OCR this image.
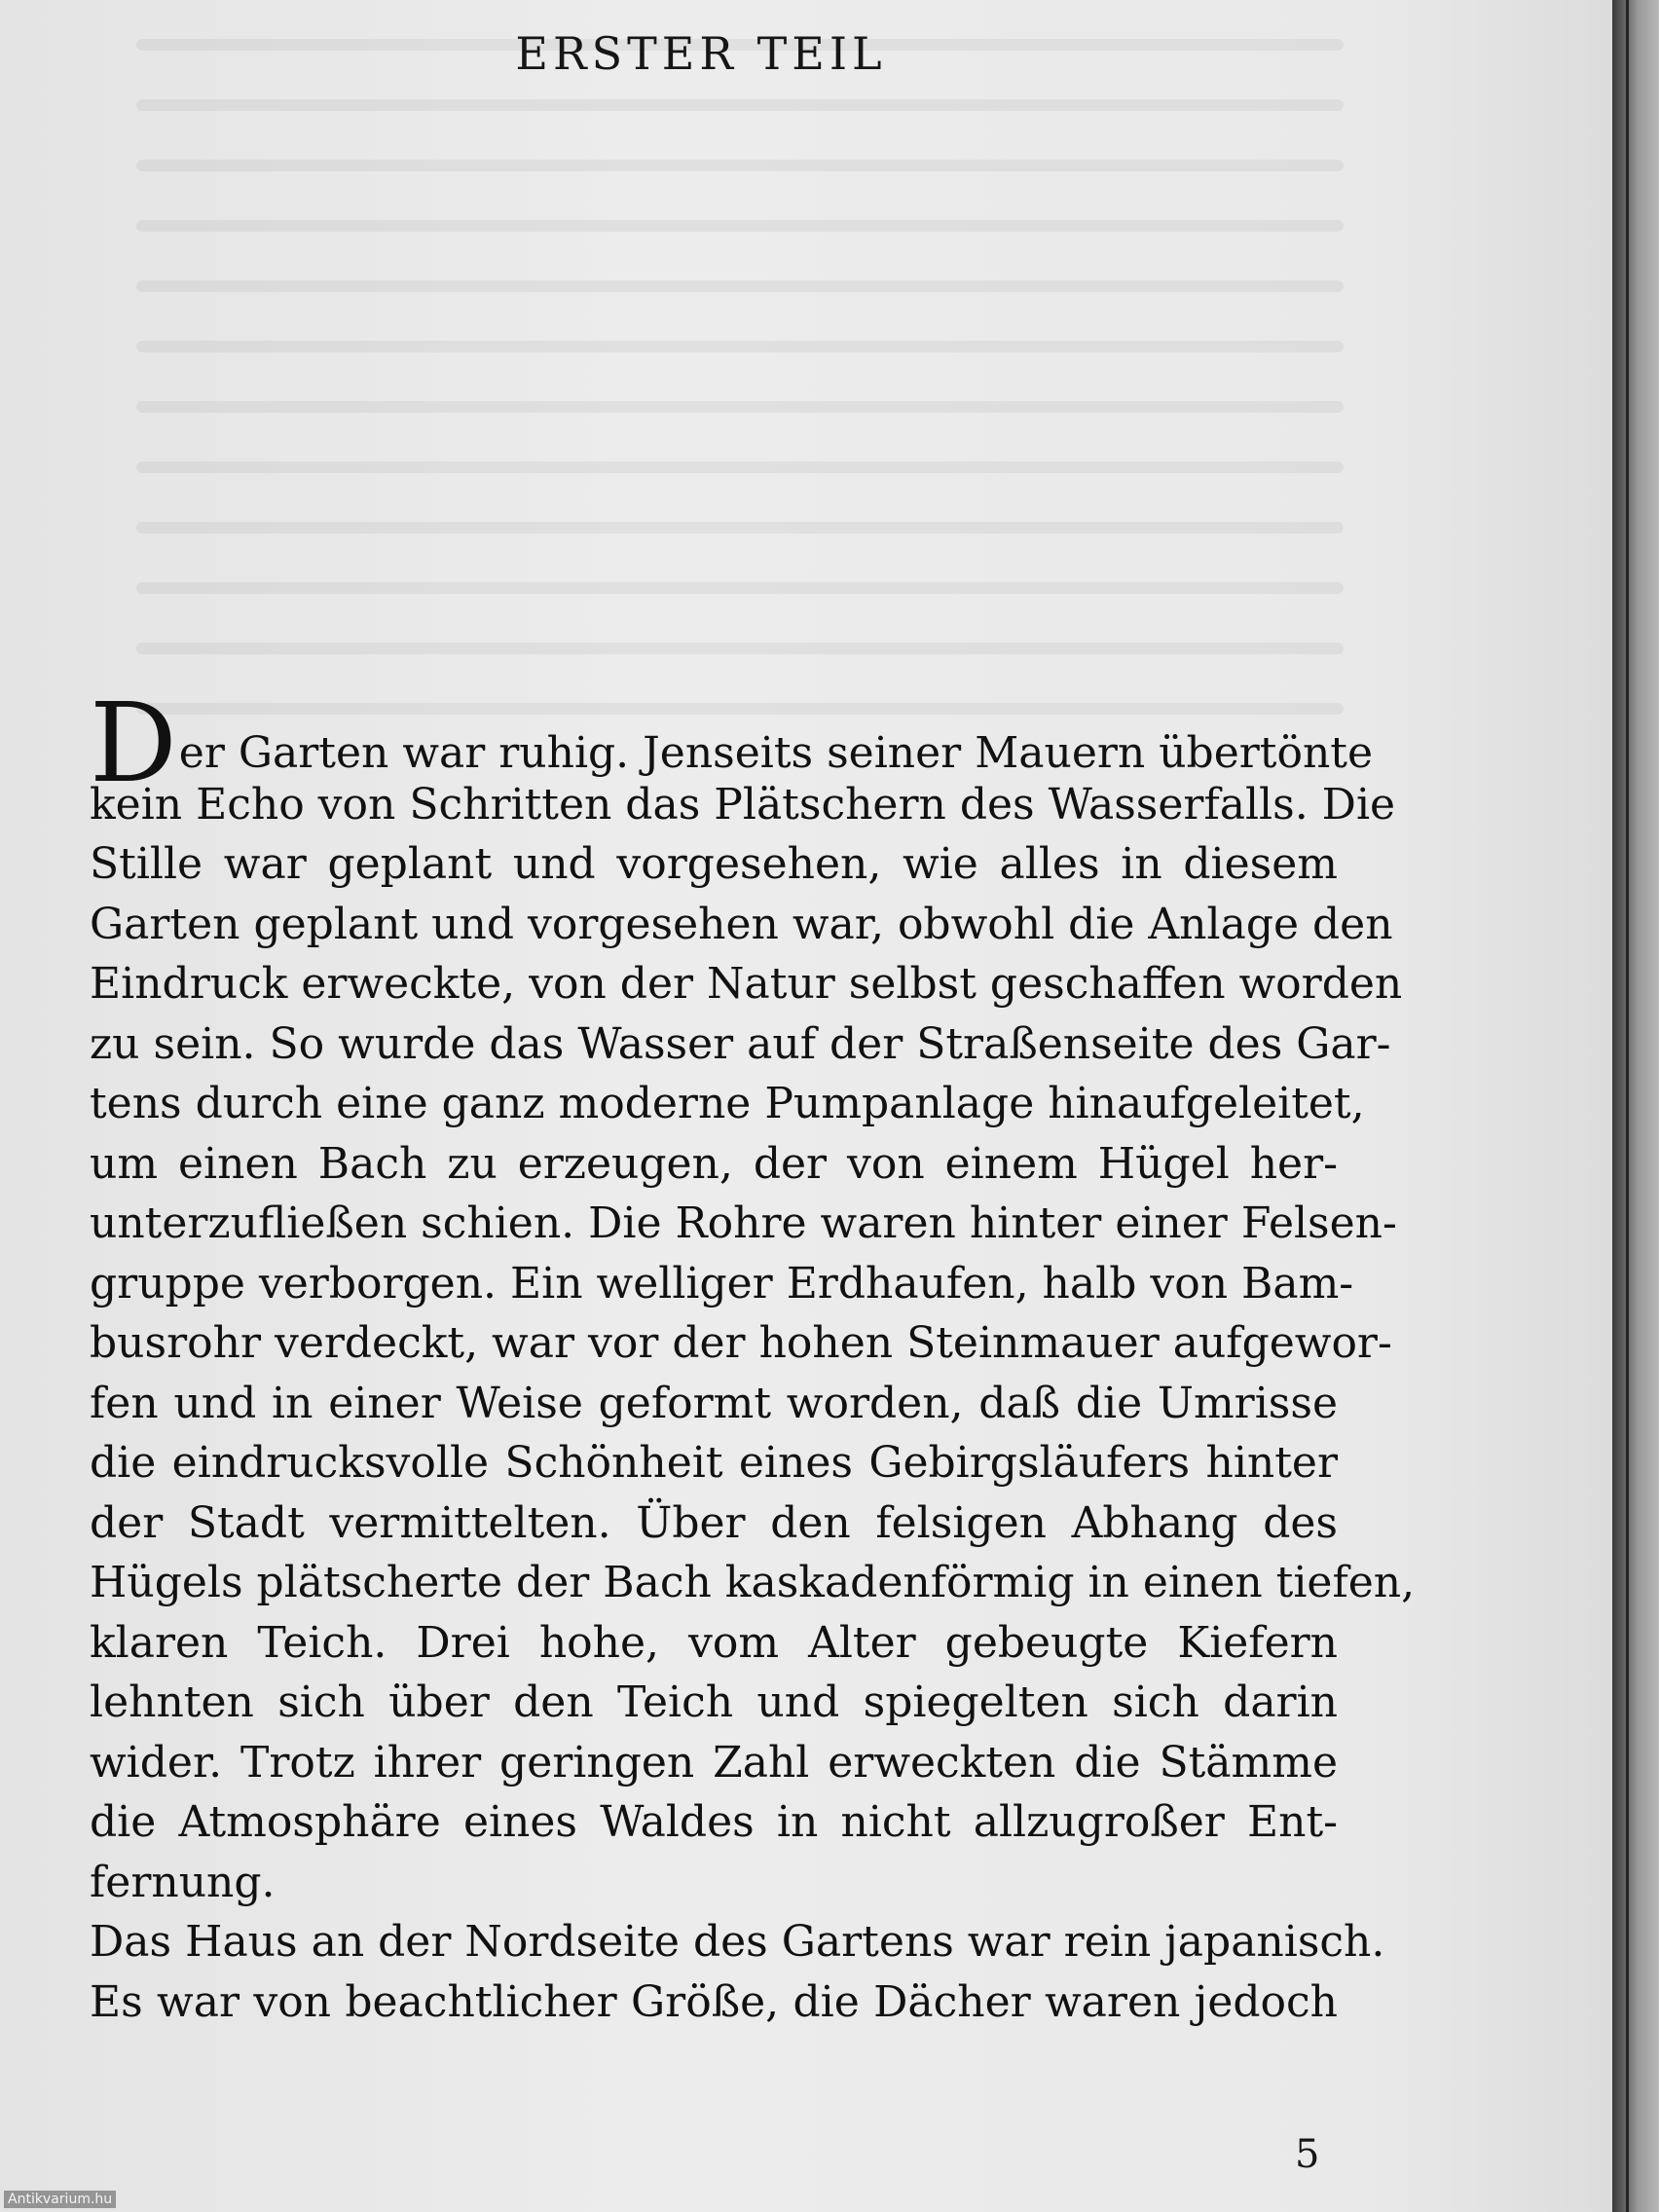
ERSTER TEIL
Der Garten war ruhig. Jenseits seiner Mauern übertönte
kein Echo von Schritten das Plätschern des Wasserfalls. Die
Stille war geplant und vorgesehen, wie alles in diesem
Garten geplant und vorgesehen war, obwohl die Anlage den
Eindruck erweckte, von der Natur selbst geschaffen worden
zu sein. So wurde das Wasser auf der Straßenseite des Gar-
tens durch eine ganz moderne Pumpanlage hinaufgeleitet,
um einen Bach zu erzeugen, der von einem Hügel her-
unterzufließen schien. Die Rohre waren hinter einer Felsen-
gruppe verborgen. Ein welliger Erdhaufen, halb von Bam-
busrohr verdeckt, war vor der hohen Steinmauer aufgewor-
fen und in einer Weise geformt worden, daß die Umrisse
die eindrucksvolle Schönheit eines Gebirgsläufers hinter
der Stadt vermittelten. Über den felsigen Abhang des
Hügels plätscherte der Bach kaskadenförmig in einen tiefen,
klaren Teich. Drei hohe, vom Alter gebeugte Kiefern
lehnten sich über den Teich und spiegelten sich darin
wider. Trotz ihrer geringen Zahl erweckten die Stämme
die Atmosphäre eines Waldes in nicht allzugroßer Ent-
fernung.
Das Haus an der Nordseite des Gartens war rein japanisch.
Es war von beachtlicher Größe, die Dächer waren jedoch
5
Antikvarium.hu
